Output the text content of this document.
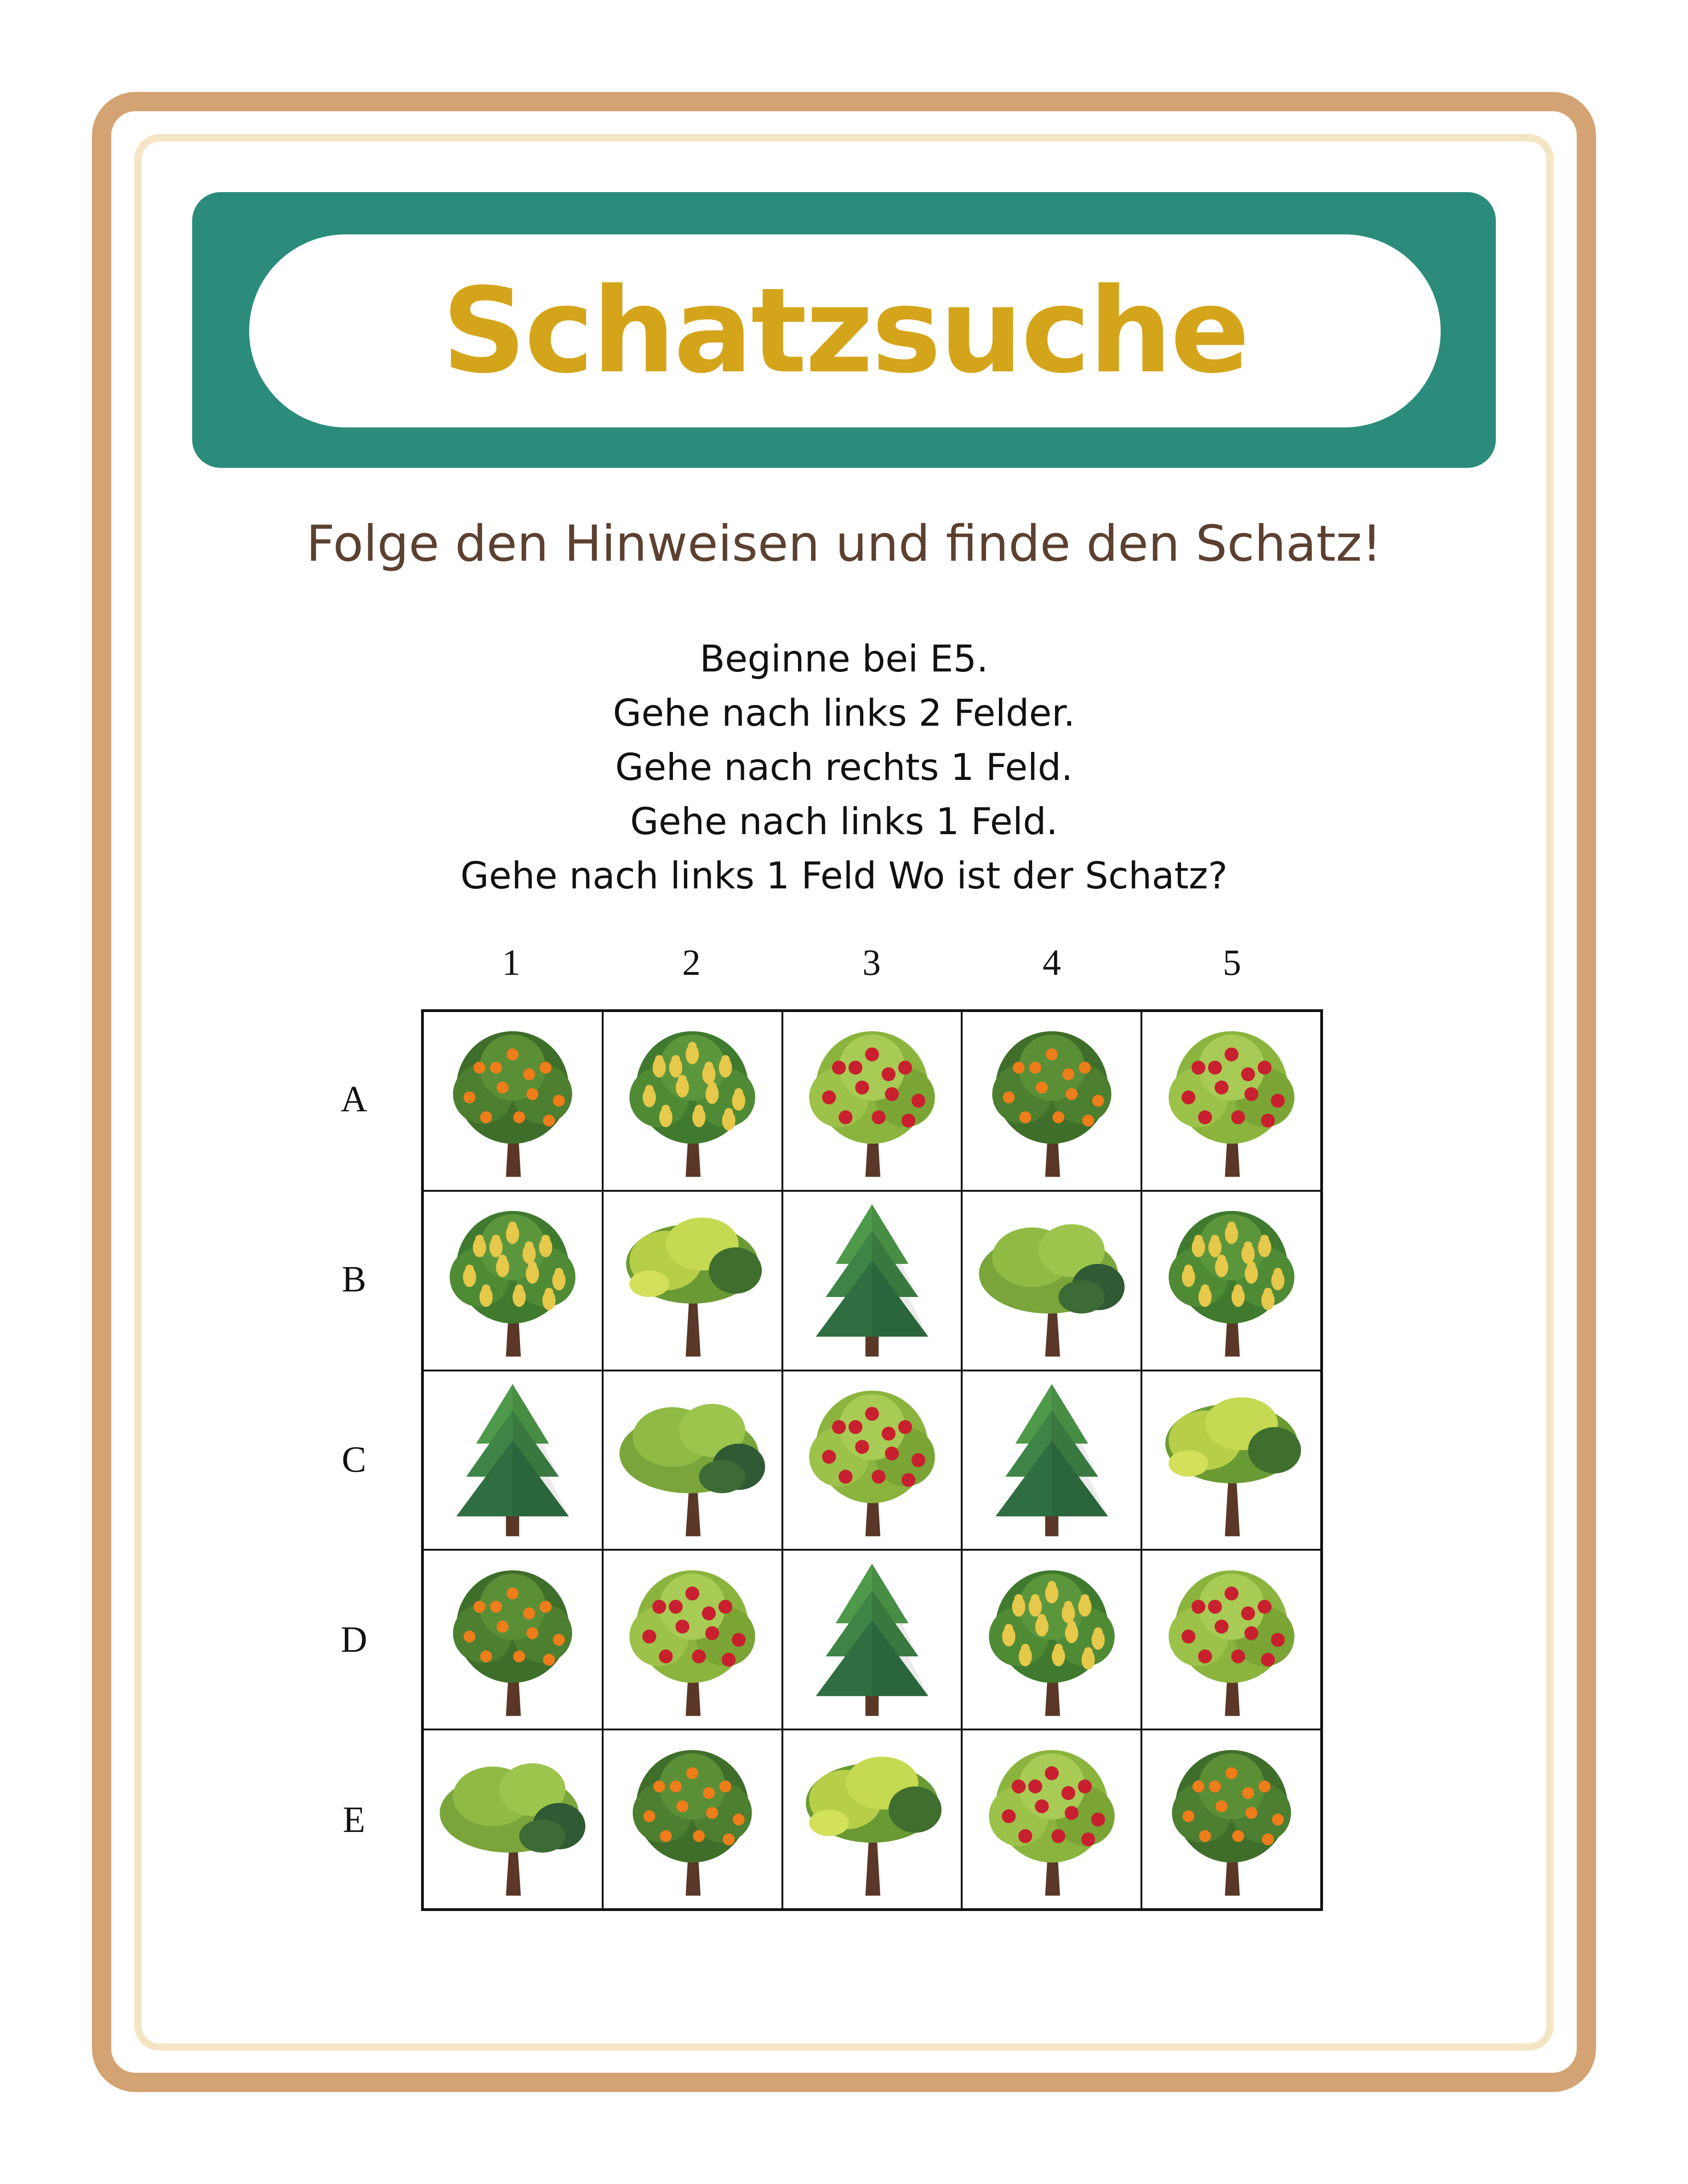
Schatzsuche
Folge den Hinweisen und finde den Schatz!
Beginne bei E5.
Gehe nach links 2 Felder.
Gehe nach rechts 1 Feld.
Gehe nach links 1 Feld.
Gehe nach links 1 Feld Wo ist der Schatz?
1	2	3	4	5
A
B
C
D
E
